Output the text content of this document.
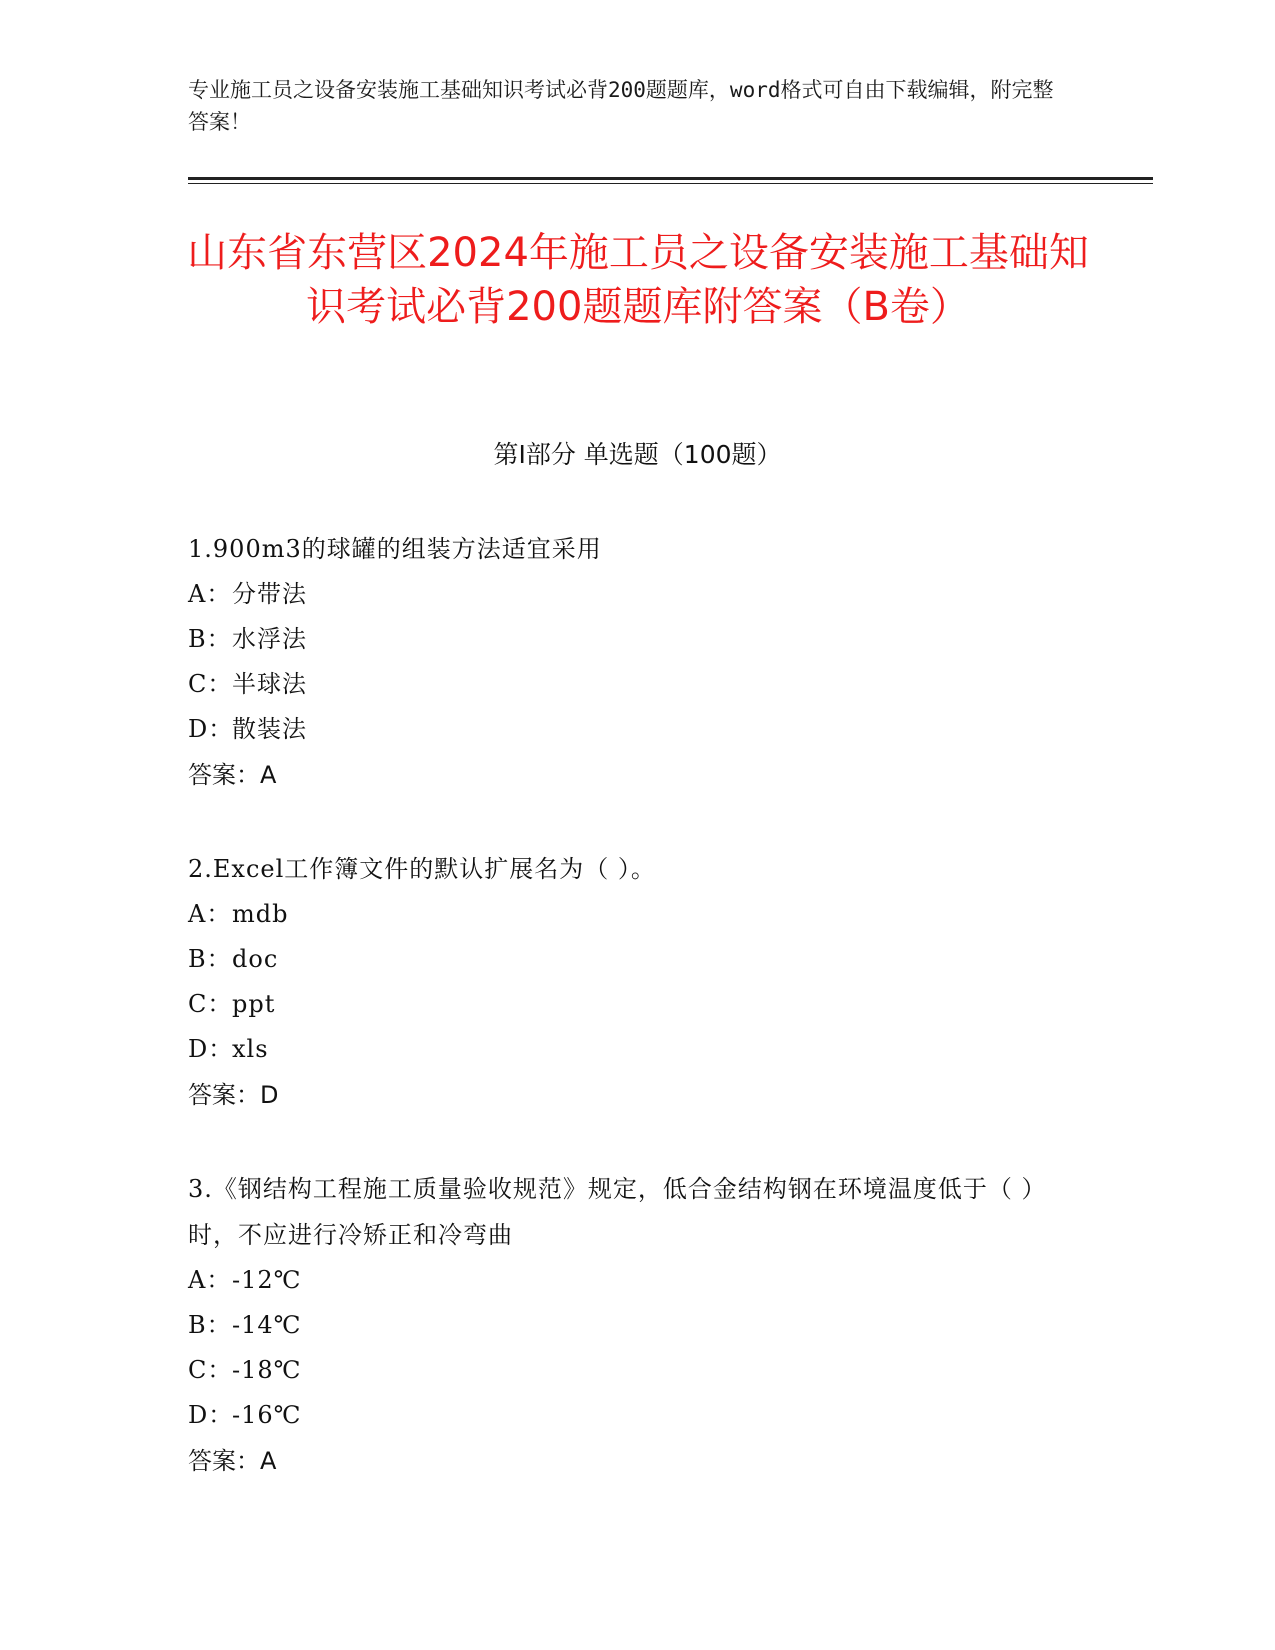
专业施工员之设备安装施工基础知识考试必背200题题库，word格式可自由下载编辑，附完整答案！
山东省东营区2024年施工员之设备安装施工基础知识考试必背200题题库附答案（B卷）
第I部分 单选题（100题）
1.900m3的球罐的组装方法适宜采用
A： 分带法
B： 水浮法
C： 半球法
D：
散装法
答案：A
2.Excel工作簿文件的默认扩展名为（ ）。
A： mdb
B： doc
C： ppt
D：
xls
答案：D
3.《钢结构工程施工质量验收规范》规定，低合金结构钢在环境温度低于（ ）时，不应进行冷矫正和冷弯曲
A： -12℃
B： -14℃
C： -18℃
D：
-16℃
答案：A
